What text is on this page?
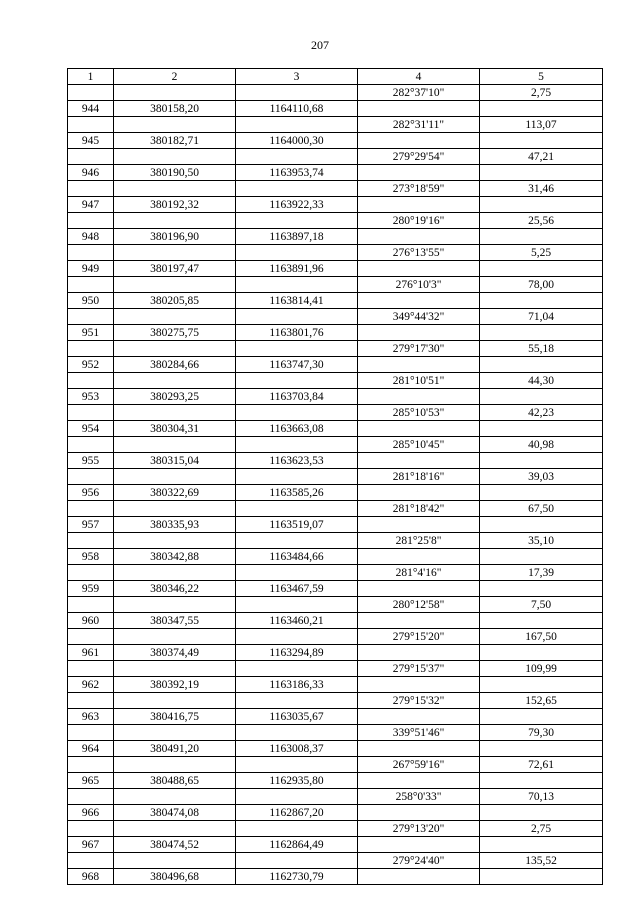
207
1	2	3	4	5
			282°37'10"	2,75
944	380158,20	1164110,68		
			282°31'11"	113,07
945	380182,71	1164000,30		
			279°29'54"	47,21
946	380190,50	1163953,74		
			273°18'59"	31,46
947	380192,32	1163922,33		
			280°19'16"	25,56
948	380196,90	1163897,18		
			276°13'55"	5,25
949	380197,47	1163891,96		
			276°10'3"	78,00
950	380205,85	1163814,41		
			349°44'32"	71,04
951	380275,75	1163801,76		
			279°17'30"	55,18
952	380284,66	1163747,30		
			281°10'51"	44,30
953	380293,25	1163703,84		
			285°10'53"	42,23
954	380304,31	1163663,08		
			285°10'45"	40,98
955	380315,04	1163623,53		
			281°18'16"	39,03
956	380322,69	1163585,26		
			281°18'42"	67,50
957	380335,93	1163519,07		
			281°25'8"	35,10
958	380342,88	1163484,66		
			281°4'16"	17,39
959	380346,22	1163467,59		
			280°12'58"	7,50
960	380347,55	1163460,21		
			279°15'20"	167,50
961	380374,49	1163294,89		
			279°15'37"	109,99
962	380392,19	1163186,33		
			279°15'32"	152,65
963	380416,75	1163035,67		
			339°51'46"	79,30
964	380491,20	1163008,37		
			267°59'16"	72,61
965	380488,65	1162935,80		
			258°0'33"	70,13
966	380474,08	1162867,20		
			279°13'20"	2,75
967	380474,52	1162864,49		
			279°24'40"	135,52
968	380496,68	1162730,79		
